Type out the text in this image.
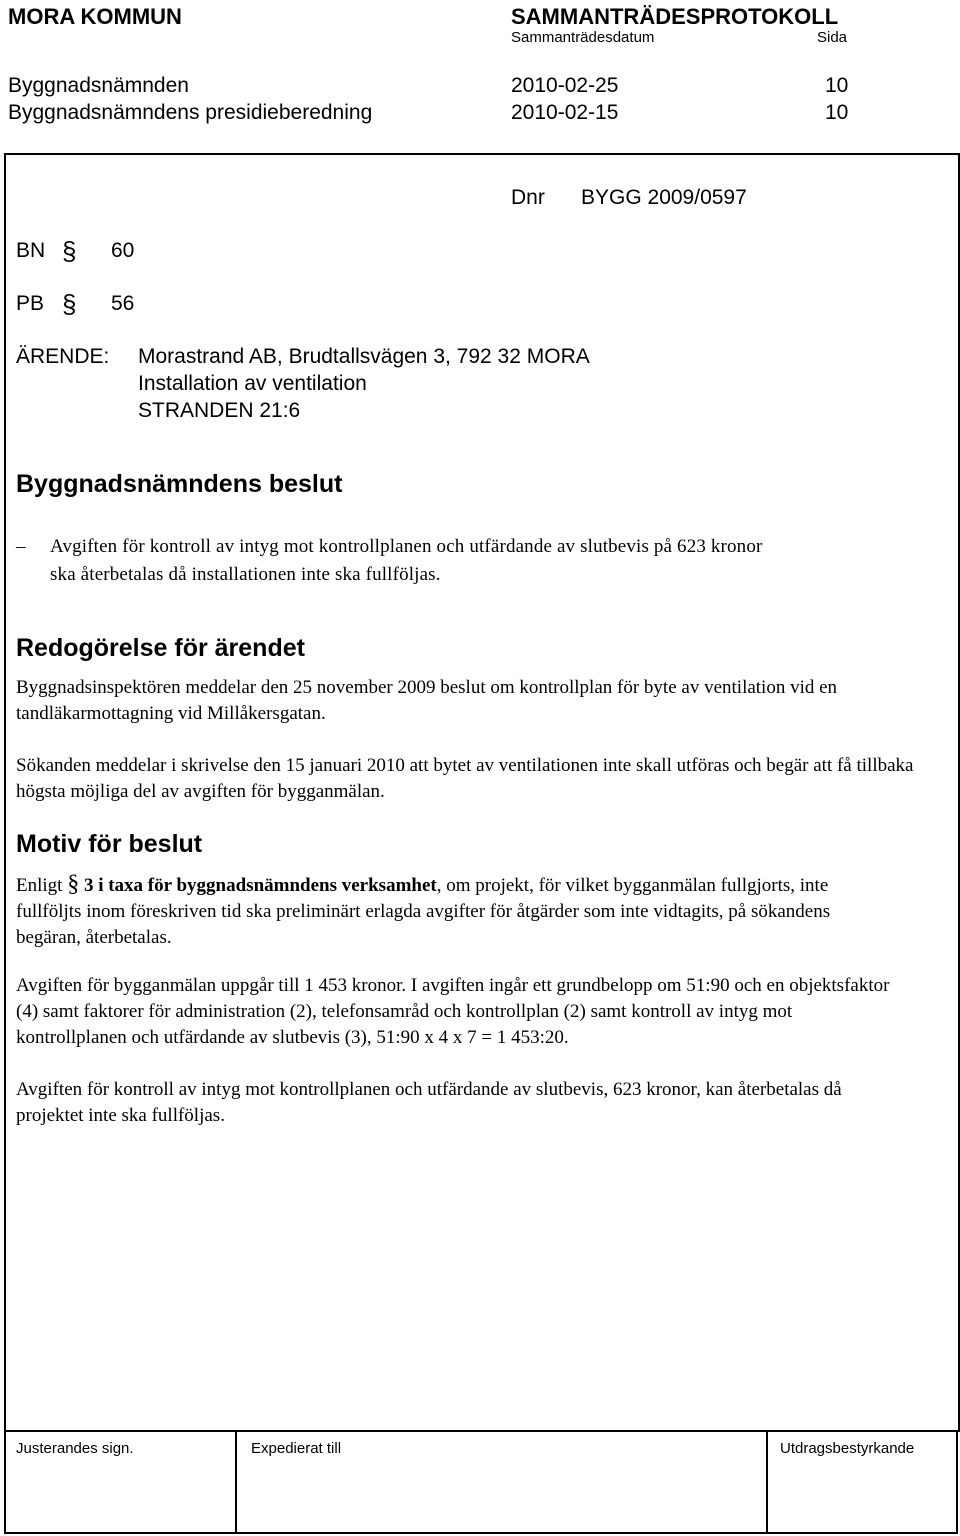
MORA KOMMUN	SAMMANTRÄDESPROTOKOLL
Sammanträdesdatum	Sida
Byggnadsnämnden	2010-02-25	10
Byggnadsnämndens presidieberedning	2010-02-15	10
Dnr BYGG 2009/0597
BN § 60
PB § 56
ÄRENDE: Morastrand AB, Brudtallsvägen 3, 792 32 MORA
Installation av ventilation
STRANDEN 21:6
Byggnadsnämndens beslut
– Avgiften för kontroll av intyg mot kontrollplanen och utfärdande av slutbevis på 623 kronor
ska återbetalas då installationen inte ska fullföljas.
Redogörelse för ärendet
Byggnadsinspektören meddelar den 25 november 2009 beslut om kontrollplan för byte av ventilation vid en tandläkarmottagning vid Millåkersgatan.
Sökanden meddelar i skrivelse den 15 januari 2010 att bytet av ventilationen inte skall utföras och begär att få tillbaka högsta möjliga del av avgiften för bygganmälan.
Motiv för beslut
Enligt § 3 i taxa för byggnadsnämndens verksamhet, om projekt, för vilket bygganmälan fullgjorts, inte fullföljts inom föreskriven tid ska preliminärt erlagda avgifter för åtgärder som inte vidtagits, på sökandens begäran, återbetalas.
Avgiften för bygganmälan uppgår till 1 453 kronor. I avgiften ingår ett grundbelopp om 51:90 och en objektsfaktor (4) samt faktorer för administration (2), telefonsamråd och kontrollplan (2) samt kontroll av intyg mot kontrollplanen och utfärdande av slutbevis (3), 51:90 x 4 x 7 = 1 453:20.
Avgiften för kontroll av intyg mot kontrollplanen och utfärdande av slutbevis, 623 kronor, kan återbetalas då projektet inte ska fullföljas.
Justerandes sign.	Expedierat till	Utdragsbestyrkande
